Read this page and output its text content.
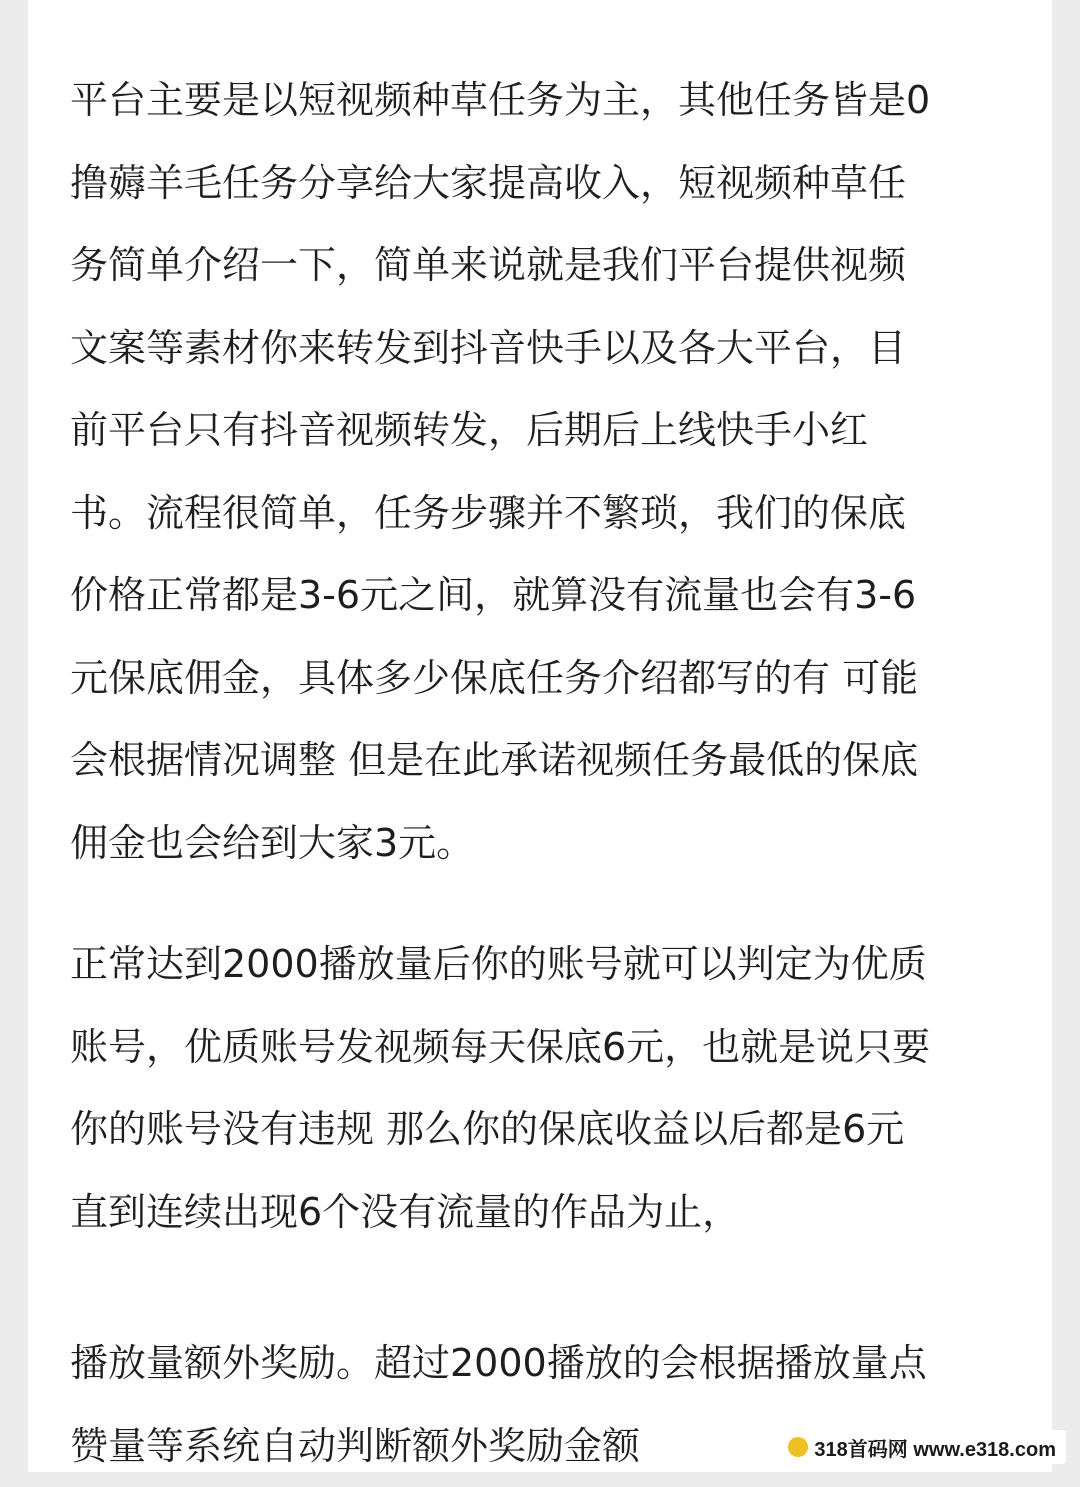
平台主要是以短视频种草任务为主，其他任务皆是0
撸薅羊毛任务分享给大家提高收入，短视频种草任
务简单介绍一下，简单来说就是我们平台提供视频
文案等素材你来转发到抖音快手以及各大平台，目
前平台只有抖音视频转发，后期后上线快手小红
书。流程很简单，任务步骤并不繁琐，我们的保底
价格正常都是3-6元之间，就算没有流量也会有3-6
元保底佣金，具体多少保底任务介绍都写的有 可能
会根据情况调整 但是在此承诺视频任务最低的保底
佣金也会给到大家3元。
正常达到2000播放量后你的账号就可以判定为优质
账号，优质账号发视频每天保底6元，也就是说只要
你的账号没有违规 那么你的保底收益以后都是6元
直到连续出现6个没有流量的作品为止，
播放量额外奖励。超过2000播放的会根据播放量点
赞量等系统自动判断额外奖励金额	318首码网 www.e318.com
